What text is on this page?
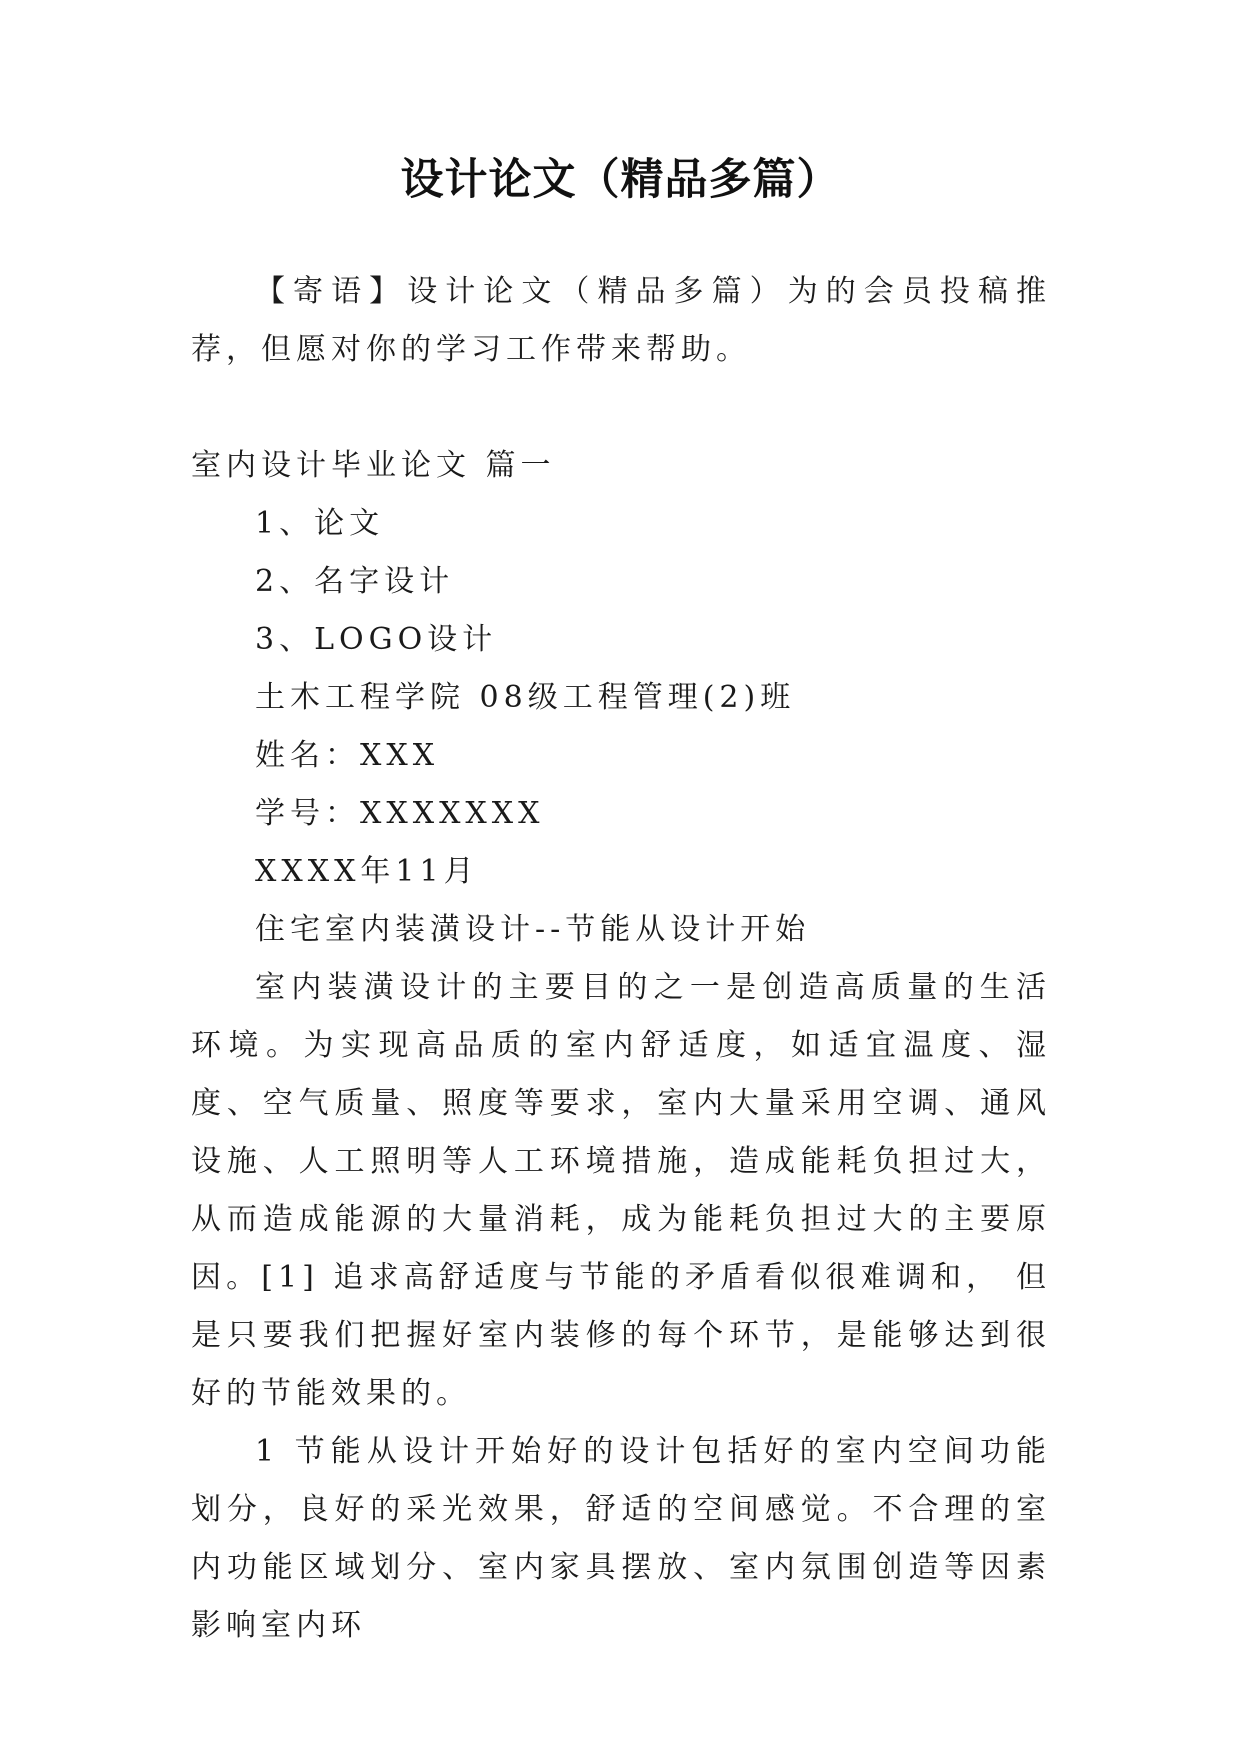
设计论文（精品多篇）

【寄语】设计论文（精品多篇）为的会员投稿推荐，但愿对你的学习工作带来帮助。

室内设计毕业论文 篇一

1、论文

2、名字设计

3、LOGO设计

土木工程学院 08级工程管理(2)班

姓名：XXX

学号：XXXXXXX

XXXX年11月

住宅室内装潢设计--节能从设计开始

室内装潢设计的主要目的之一是创造高质量的生活环境。为实现高品质的室内舒适度，如适宜温度、湿度、空气质量、照度等要求，室内大量采用空调、通风设施、人工照明等人工环境措施，造成能耗负担过大，从而造成能源的大量消耗，成为能耗负担过大的主要原因。[1] 追求高舒适度与节能的矛盾看似很难调和， 但是只要我们把握好室内装修的每个环节，是能够达到很好的节能效果的。

1 节能从设计开始好的设计包括好的室内空间功能划分，良好的采光效果，舒适的空间感觉。不合理的室内功能区域划分、室内家具摆放、室内氛围创造等因素影响室内环
